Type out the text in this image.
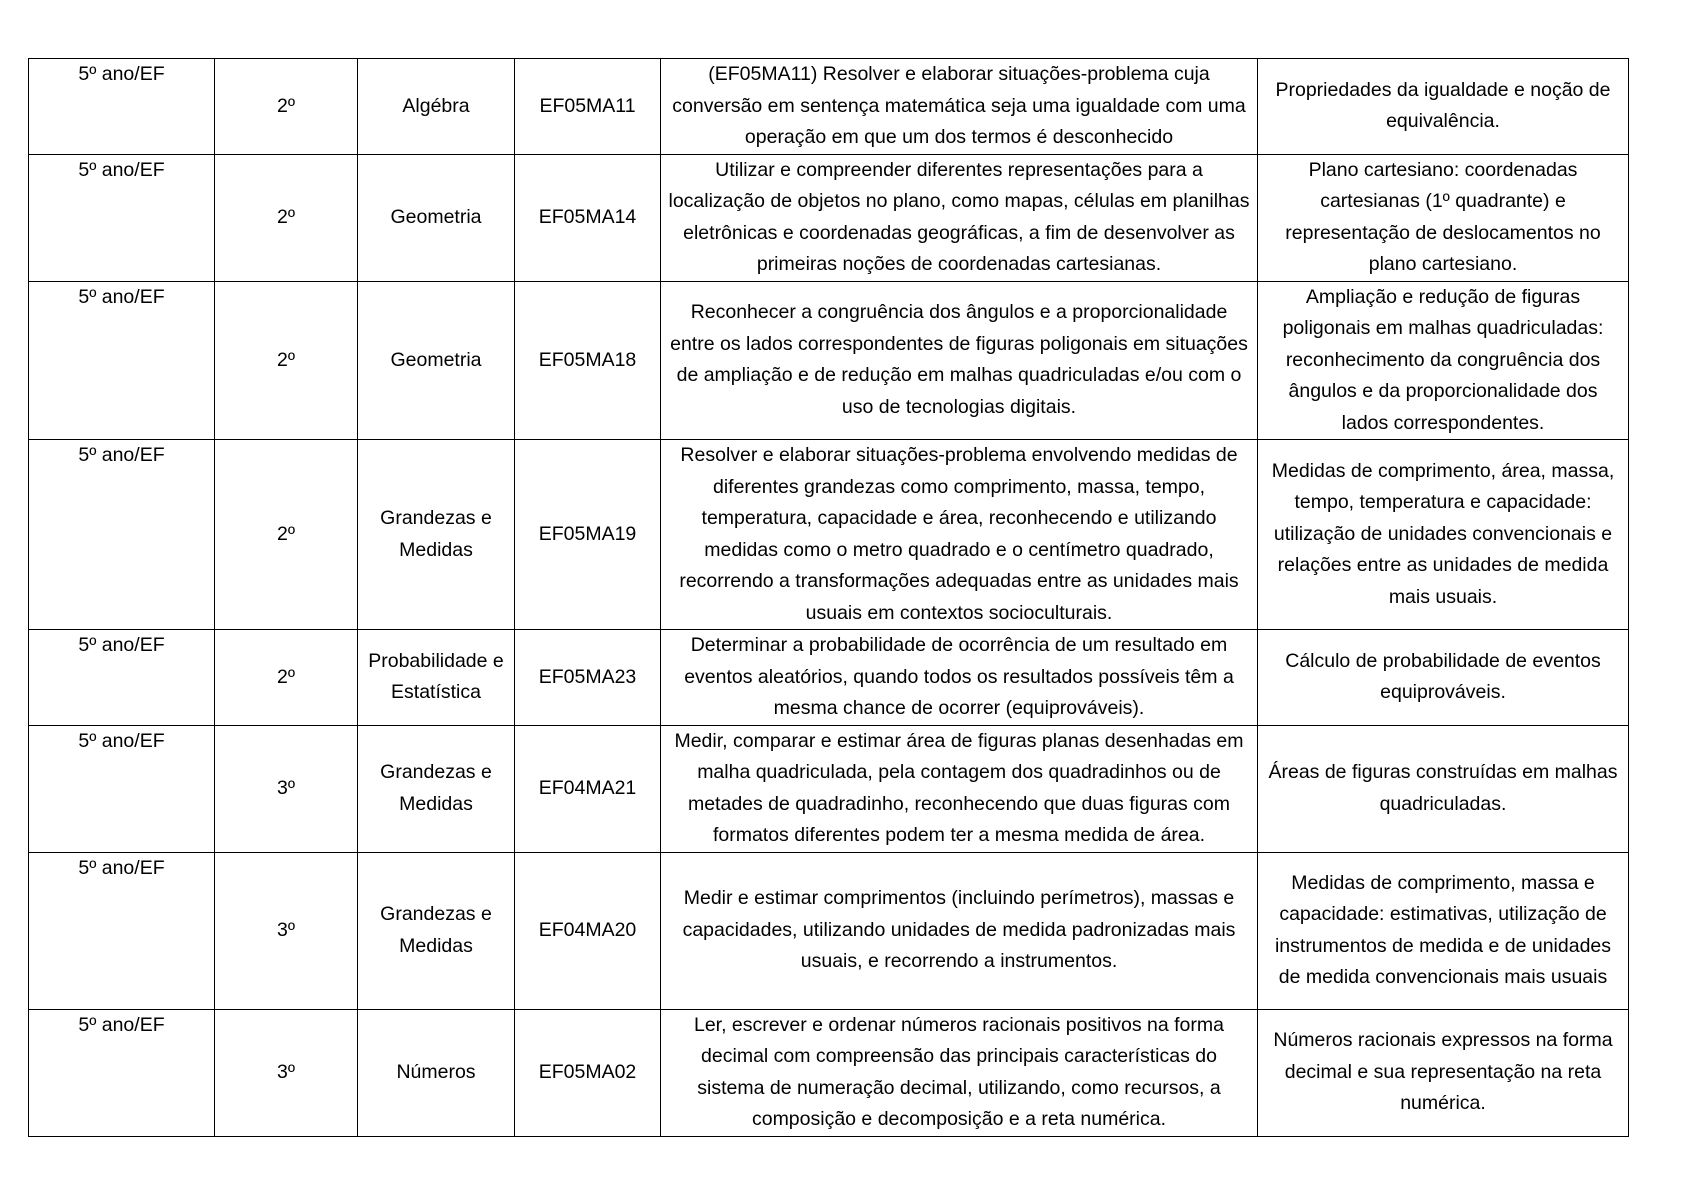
5º ano/EF	2º	Algébra	EF05MA11	(EF05MA11) Resolver e elaborar situações-problema cuja conversão em sentença matemática seja uma igualdade com uma operação em que um dos termos é desconhecido	Propriedades da igualdade e noção de equivalência.
5º ano/EF	2º	Geometria	EF05MA14	Utilizar e compreender diferentes representações para a localização de objetos no plano, como mapas, células em planilhas eletrônicas e coordenadas geográficas, a fim de desenvolver as primeiras noções de coordenadas cartesianas.	Plano cartesiano: coordenadas cartesianas (1º quadrante) e representação de deslocamentos no plano cartesiano.
5º ano/EF	2º	Geometria	EF05MA18	Reconhecer a congruência dos ângulos e a proporcionalidade entre os lados correspondentes de figuras poligonais em situações de ampliação e de redução em malhas quadriculadas e/ou com o uso de tecnologias digitais.	Ampliação e redução de figuras poligonais em malhas quadriculadas: reconhecimento da congruência dos ângulos e da proporcionalidade dos lados correspondentes.
5º ano/EF	2º	Grandezas e Medidas	EF05MA19	Resolver e elaborar situações-problema envolvendo medidas de diferentes grandezas como comprimento, massa, tempo, temperatura, capacidade e área, reconhecendo e utilizando medidas como o metro quadrado e o centímetro quadrado, recorrendo a transformações adequadas entre as unidades mais usuais em contextos socioculturais.	Medidas de comprimento, área, massa, tempo, temperatura e capacidade: utilização de unidades convencionais e relações entre as unidades de medida mais usuais.
5º ano/EF	2º	Probabilidade e Estatística	EF05MA23	Determinar a probabilidade de ocorrência de um resultado em eventos aleatórios, quando todos os resultados possíveis têm a mesma chance de ocorrer (equiprováveis).	Cálculo de probabilidade de eventos equiprováveis.
5º ano/EF	3º	Grandezas e Medidas	EF04MA21	Medir, comparar e estimar área de figuras planas desenhadas em malha quadriculada, pela contagem dos quadradinhos ou de metades de quadradinho, reconhecendo que duas figuras com formatos diferentes podem ter a mesma medida de área.	Áreas de figuras construídas em malhas quadriculadas.
5º ano/EF	3º	Grandezas e Medidas	EF04MA20	Medir e estimar comprimentos (incluindo perímetros), massas e capacidades, utilizando unidades de medida padronizadas mais usuais, e recorrendo a instrumentos.	Medidas de comprimento, massa e capacidade: estimativas, utilização de instrumentos de medida e de unidades de medida convencionais mais usuais
5º ano/EF	3º	Números	EF05MA02	Ler, escrever e ordenar números racionais positivos na forma decimal com compreensão das principais características do sistema de numeração decimal, utilizando, como recursos, a composição e decomposição e a reta numérica.	Números racionais expressos na forma decimal e sua representação na reta numérica.
